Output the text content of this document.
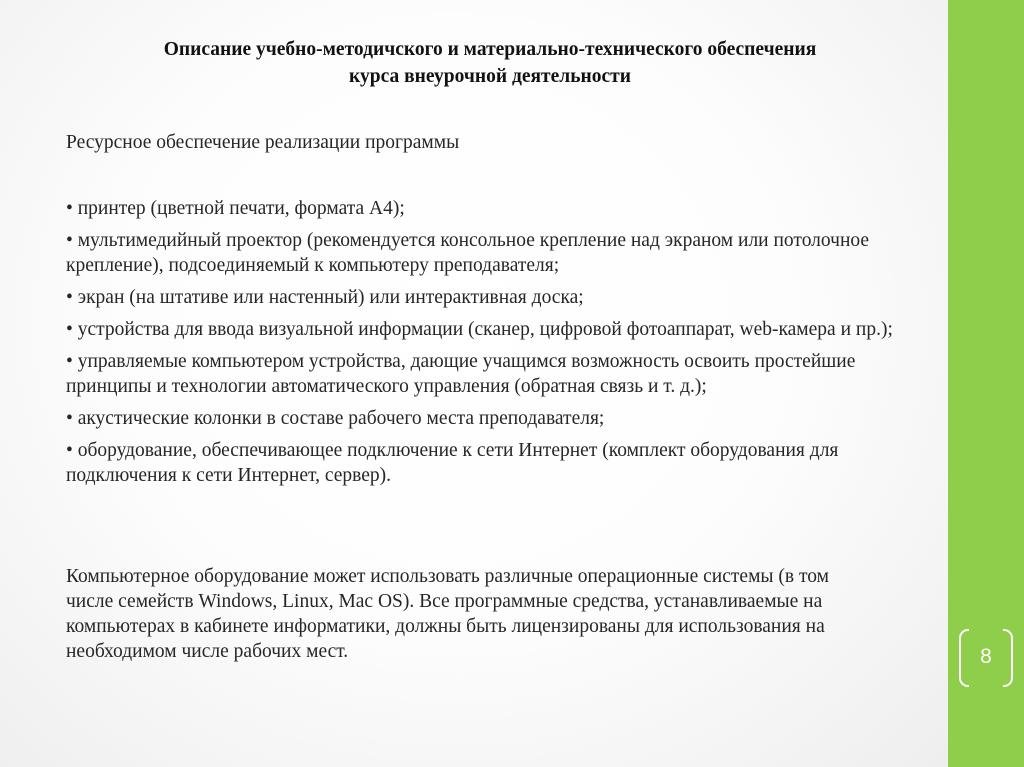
Описание учебно-методичского и материально-технического обеспечения
курса внеурочной деятельности
Ресурсное обеспечение реализации программы
• принтер (цветной печати, формата А4);
• мультимедийный проектор (рекомендуется консольное крепление над экраном или потолочное крепление), подсоединяемый к компьютеру преподавателя;
• экран (на штативе или настенный) или интерактивная доска;
• устройства для ввода визуальной информации (сканер, цифровой фотоаппарат, web-камера и пр.);
• управляемые компьютером устройства, дающие учащимся возможность освоить простейшие принципы и технологии автоматического управления (обратная связь и т. д.);
• акустические колонки в составе рабочего места преподавателя;
• оборудование, обеспечивающее подключение к сети Интернет (комплект оборудования для подключения к сети Интернет, сервер).

Компьютерное оборудование может использовать различные операционные системы (в том числе семейств Windows, Linux, Mac OS). Все программные средства, устанавливаемые на компьютерах в кабинете информатики, должны быть лицензированы для использования на необходимом числе рабочих мест.	8
